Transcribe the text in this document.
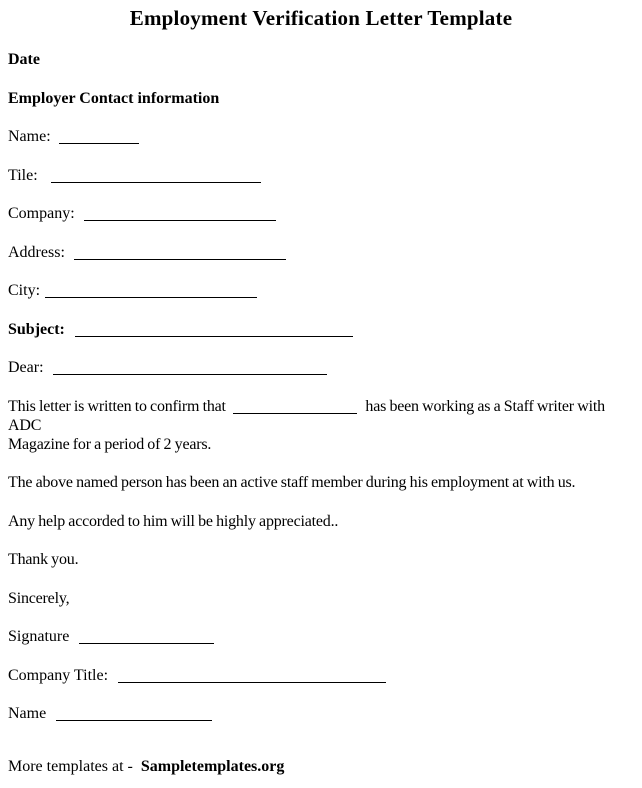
Employment Verification Letter Template
Date
Employer Contact information
Name:
Tile:
Company:
Address:
City:
Subject:
Dear:

This letter is written to confirm that	has been working as a Staff writer with ADC
Magazine for a period of 2 years.

The above named person has been an active staff member during his employment at with us.

Any help accorded to him will be highly appreciated..

Thank you.

Sincerely,

Signature
Company Title:
Name
More templates at - Sampletemplates.org
